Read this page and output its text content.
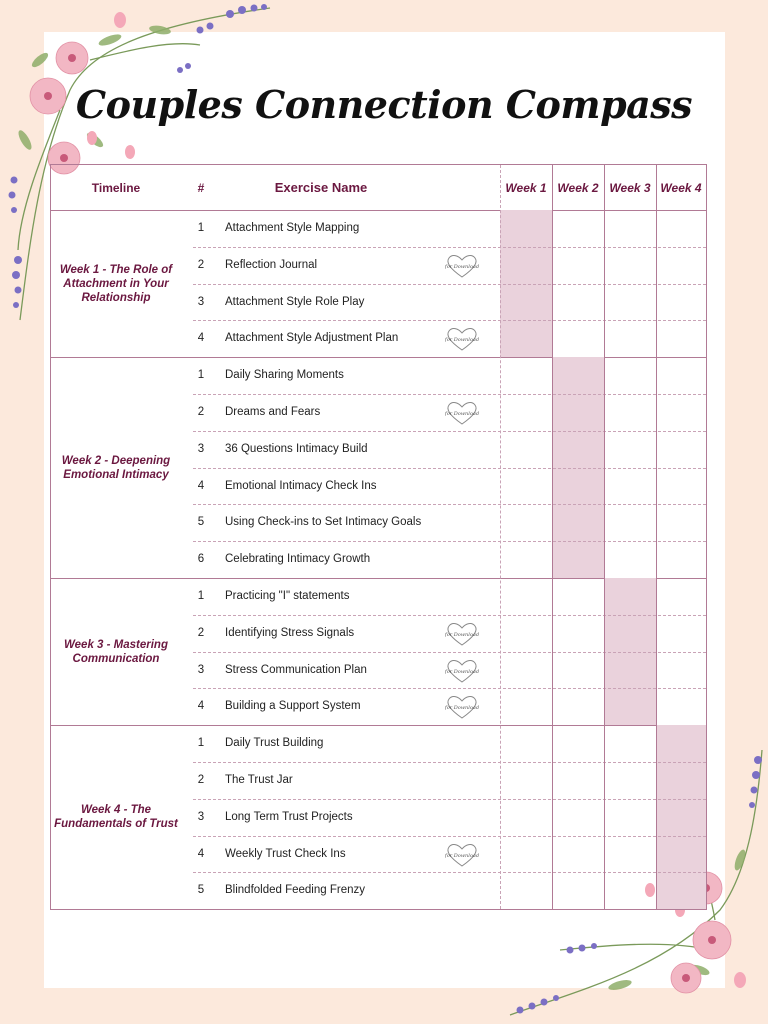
Couples Connection Compass
Timeline	#	Exercise Name	Week 1 Week 2 Week 3 Week 4
Week 1 - The Role of Attachment in Your Relationship
1	Attachment Style Mapping
2	Reflection Journal	for Download
3	Attachment Style Role Play
4	Attachment Style Adjustment Plan	for Download
Week 2 - Deepening Emotional Intimacy
1	Daily Sharing Moments
2	Dreams and Fears	for Download
3	36 Questions Intimacy Build
4	Emotional Intimacy Check Ins
5	Using Check-ins to Set Intimacy Goals
6	Celebrating Intimacy Growth
Week 3 - Mastering Communication
1	Practicing "I" statements
2	Identifying Stress Signals	for Download
3	Stress Communication Plan	for Download
4	Building a Support System	for Download
Week 4 - The Fundamentals of Trust
1	Daily Trust Building
2	The Trust Jar
3	Long Term Trust Projects
4	Weekly Trust Check Ins	for Download
5	Blindfolded Feeding Frenzy
